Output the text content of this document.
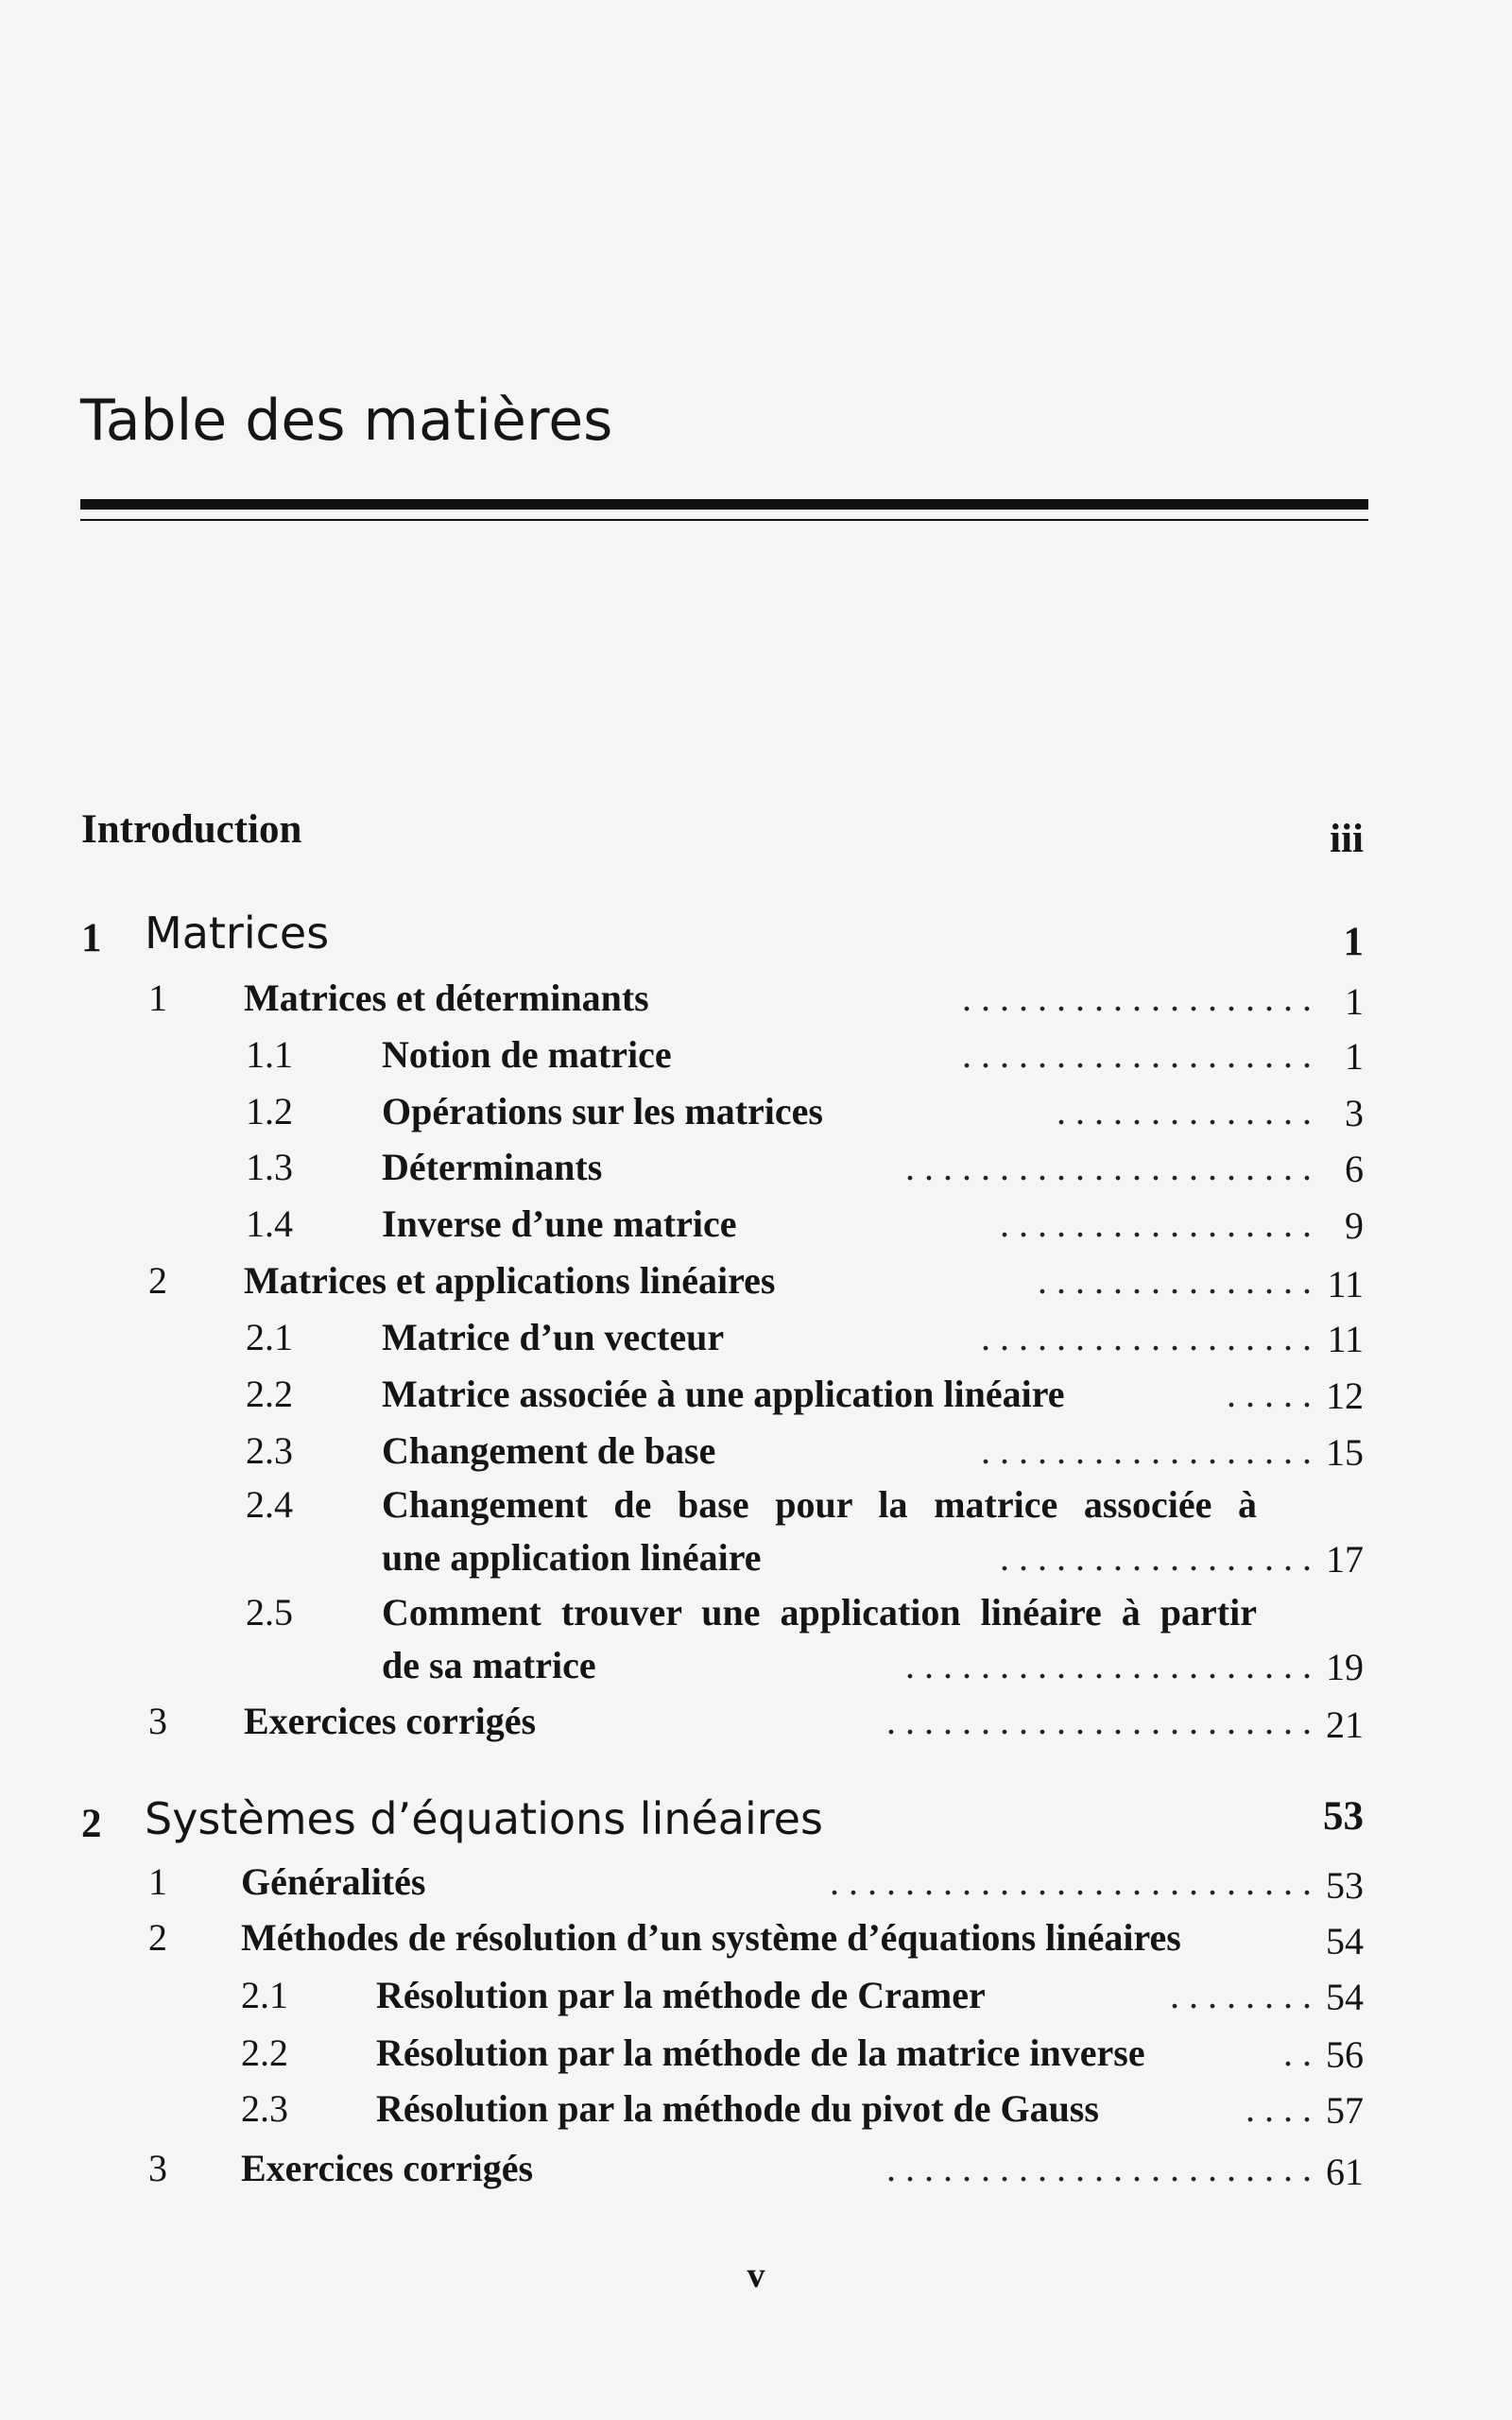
Table des matières
Introduction	iii
1 Matrices	1
1 Matrices et déterminants	. . . . . . . . . . . . . . . . . . . 1
1.1 Notion de matrice	. . . . . . . . . . . . . . . . . . . 1
1.2 Opérations sur les matrices	. . . . . . . . . . . . . . 3
1.3 Déterminants	. . . . . . . . . . . . . . . . . . . . . . 6
1.4 Inverse d’une matrice	. . . . . . . . . . . . . . . . . 9
2 Matrices et applications linéaires	. . . . . . . . . . . . . . . 11
2.1 Matrice d’un vecteur	. . . . . . . . . . . . . . . . . . 11
2.2 Matrice associée à une application linéaire	. . . . . 12
2.3 Changement de base	. . . . . . . . . . . . . . . . . . 15
2.4 Changement de base pour la matrice associée à
une application linéaire	. . . . . . . . . . . . . . . . . 17
2.5 Comment trouver une application linéaire à partir
de sa matrice	. . . . . . . . . . . . . . . . . . . . . . 19
3 Exercices corrigés	. . . . . . . . . . . . . . . . . . . . . . . 21
2 Systèmes d’équations linéaires	53
1 Généralités	. . . . . . . . . . . . . . . . . . . . . . . . . . 53
2 Méthodes de résolution d’un système d’équations linéaires	54
2.1 Résolution par la méthode de Cramer	. . . . . . . . 54
2.2 Résolution par la méthode de la matrice inverse	. . 56
2.3 Résolution par la méthode du pivot de Gauss	. . . . 57
3 Exercices corrigés	. . . . . . . . . . . . . . . . . . . . . . . 61
v
